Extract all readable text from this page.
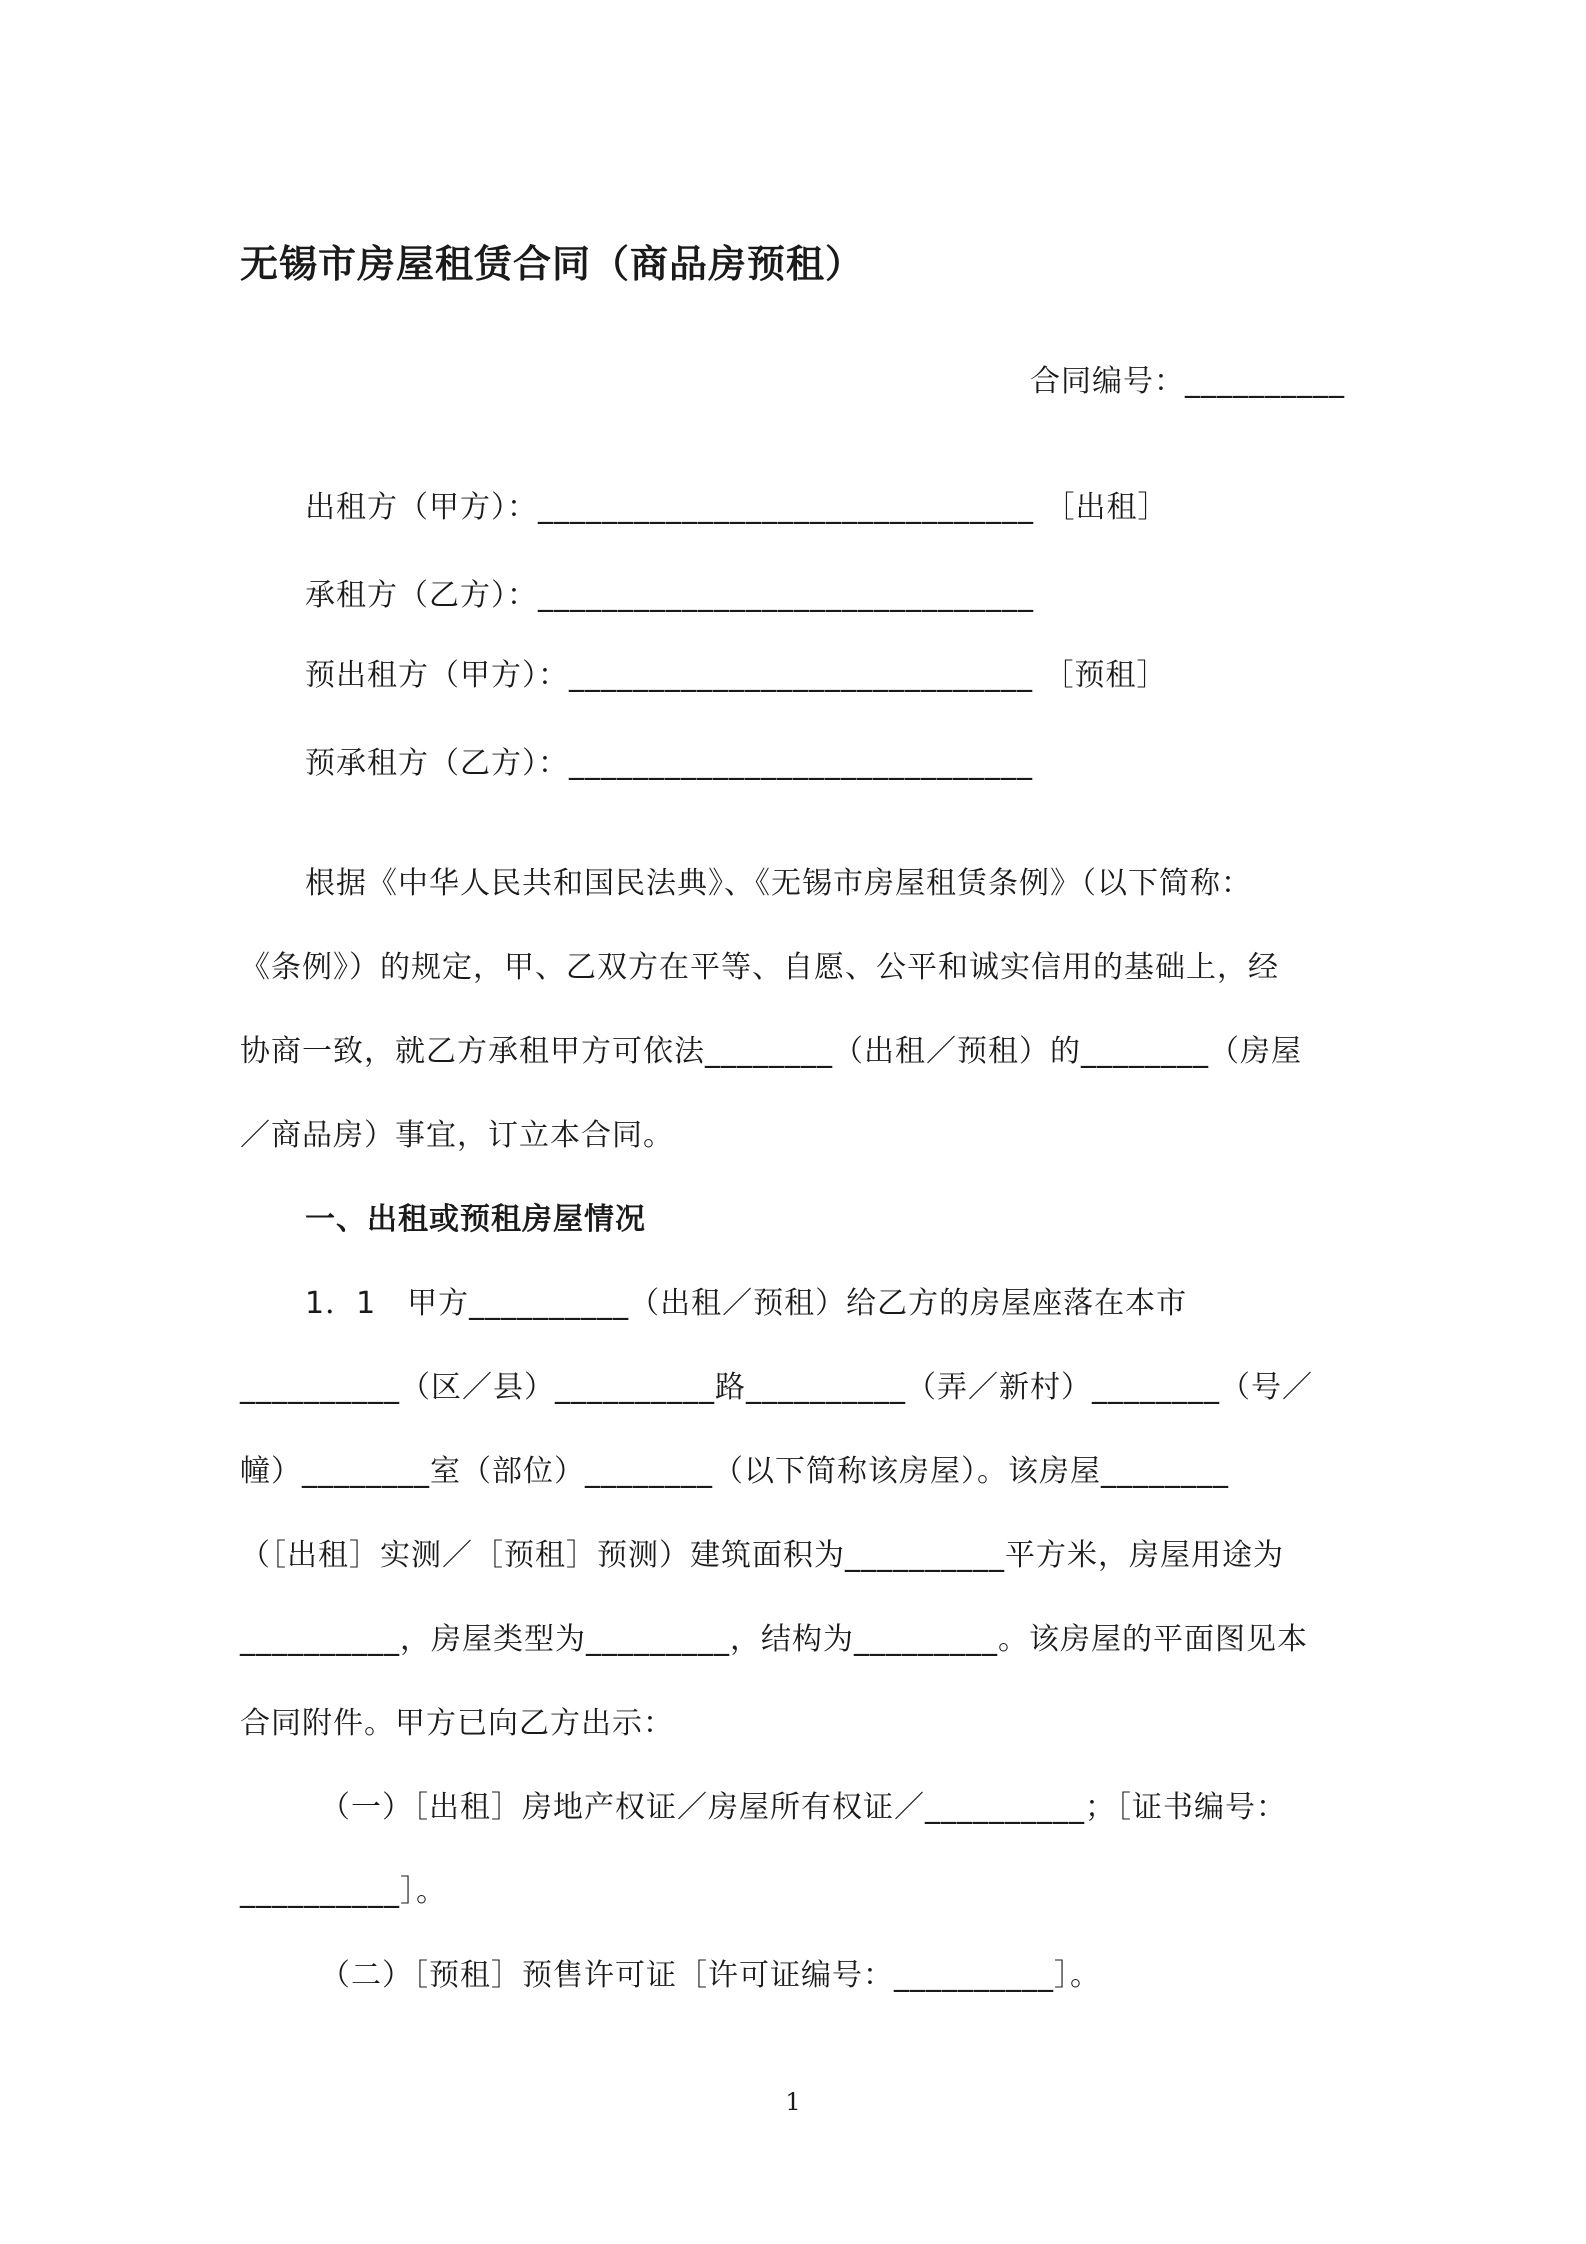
无锡市房屋租赁合同（商品房预租）
合同编号：__________
出租方（甲方）：_______________________________ ［出租］
承租方（乙方）：_______________________________
预出租方（甲方）：_____________________________ ［预租］
预承租方（乙方）：_____________________________
根据《中华人民共和国民法典》、《无锡市房屋租赁条例》（以下简称：
《条例》）的规定，甲、乙双方在平等、自愿、公平和诚实信用的基础上，经
协商一致，就乙方承租甲方可依法________（出租／预租）的________（房屋
／商品房）事宜，订立本合同。
一、出租或预租房屋情况
1．1　甲方__________（出租／预租）给乙方的房屋座落在本市
__________（区／县）__________路__________（弄／新村）________（号／
幢）________室（部位）________（以下简称该房屋）。该房屋________
（［出租］实测／［预租］预测）建筑面积为__________平方米，房屋用途为
__________，房屋类型为_________，结构为_________。该房屋的平面图见本
合同附件。甲方已向乙方出示：
（一）［出租］房地产权证／房屋所有权证／__________；［证书编号：
__________］。
（二）［预租］预售许可证［许可证编号：__________］。
1
